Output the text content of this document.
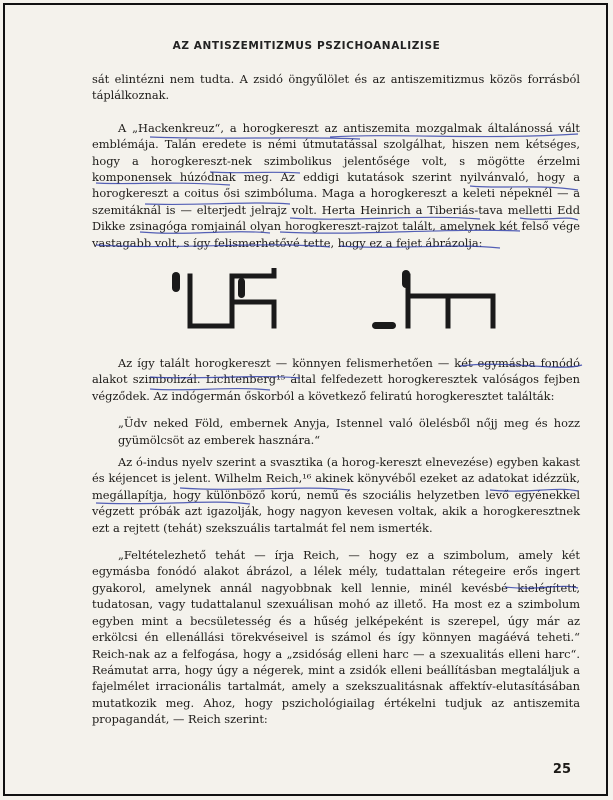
AZ ANTISZEMITIZMUS PSZICHOANALIZISE

sát elintézni nem tudta. A zsidó öngyűlölet és az antiszemitizmus közös forrásból táplálkoznak.

A „Hackenkreuz“, a horogkereszt az antiszemita mozgalmak általánossá vált emblémája. Talán eredete is némi útmutatással szolgálhat, hiszen nem kétséges, hogy a horogkereszt-nek szimbolikus jelentősége volt, s mögötte érzelmi komponensek húzódnak meg. Az eddigi kutatások szerint nyilvánvaló, hogy a horogkereszt a coitus ősi szimbóluma. Maga a horogkereszt a keleti népeknél — a szemitáknál is — elterjedt jelrajz volt. Herta Heinrich a Tiberiás-tava melletti Edd Dikke zsinagóga romjainál olyan horogkereszt-rajzot talált, amelynek két felső vége vastagabb volt, s így felismerhetővé tette, hogy ez a fejet ábrázolja:

Az így talált horogkereszt — könnyen felismerhetően — két egymásba fonódó alakot szimbolizál. Lichtenberg¹⁵ által felfedezett horogkeresztek valóságos fejben végződek. Az indógermán őskorból a következő feliratú horogkeresztet találták:

„Üdv neked Föld, embernek Anyja, Istennel való ölelésből nőjj meg és hozz gyümölcsöt az emberek hasznára.“

Az ó-indus nyelv szerint a svasztika (a horog-kereszt elnevezése) egyben kakast és kéjencet is jelent. Wilhelm Reich,¹⁶ akinek könyvéből ezeket az adatokat idézzük, megállapítja, hogy különböző korú, nemű és szociális helyzetben levő egyénekkel végzett próbák azt igazolják, hogy nagyon kevesen voltak, akik a horogkeresztnek ezt a rejtett (tehát) szekszuális tartalmát fel nem ismerték.

„Feltételezhető tehát — írja Reich, — hogy ez a szimbolum, amely két egymásba fonódó alakot ábrázol, a lélek mély, tudattalan rétegeire erős ingert gyakorol, amelynek annál nagyobbnak kell lennie, minél kevésbé kielégített, tudatosan, vagy tudattalanul szexuálisan mohó az illető. Ha most ez a szimbolum egyben mint a becsületesség és a hűség jelképeként is szerepel, úgy már az erkölcsi én ellenállási törekvéseivel is számol és így könnyen magáévá teheti.“ Reich-nak az a felfogása, hogy a „zsidóság elleni harc — a szexualitás elleni harc“. Reámutat arra, hogy úgy a négerek, mint a zsidók elleni beállításban megtaláljuk a fajelmélet irracionális tartalmát, amely a szekszualitásnak affektív-elutasításában mutatkozik meg. Ahoz, hogy pszichológiailag értékelni tudjuk az antiszemita propagandát, — Reich szerint:

25
